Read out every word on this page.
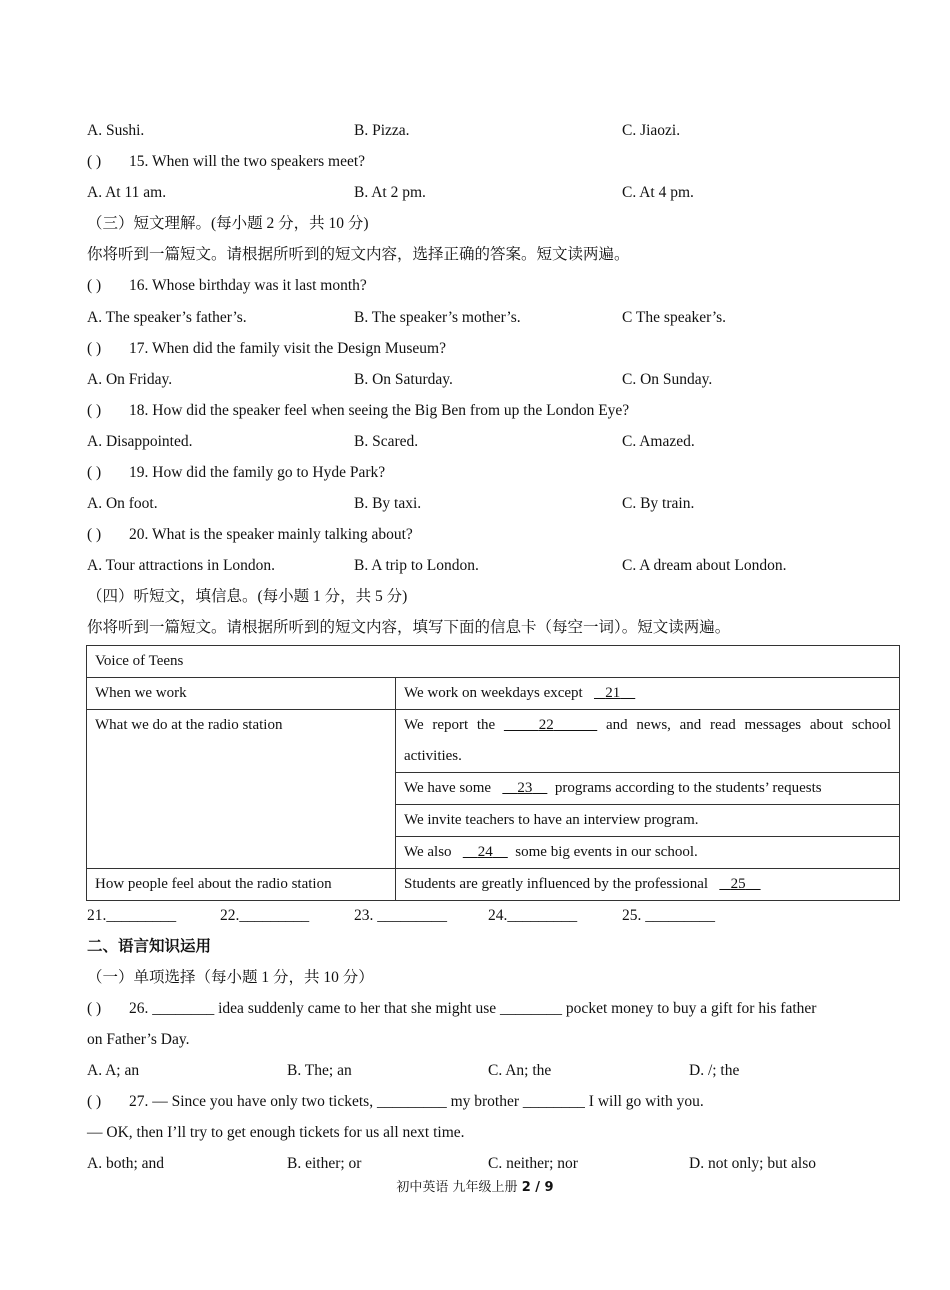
A. Sushi.	B. Pizza.	C. Jiaozi.
( ) 15. When will the two speakers meet?
A. At 11 am.	B. At 2 pm.	C. At 4 pm.
（三）短文理解。(每小题 2 分，共 10 分)
你将听到一篇短文。请根据所听到的短文内容，选择正确的答案。短文读两遍。
( ) 16. Whose birthday was it last month?
A. The speaker’s father’s.	B. The speaker’s mother’s.	C The speaker’s.
( ) 17. When did the family visit the Design Museum?
A. On Friday.	B. On Saturday.	C. On Sunday.
( ) 18. How did the speaker feel when seeing the Big Ben from up the London Eye?
A. Disappointed.	B. Scared.	C. Amazed.
( ) 19. How did the family go to Hyde Park?
A. On foot.	B. By taxi.	C. By train.
( ) 20. What is the speaker mainly talking about?
A. Tour attractions in London.	B. A trip to London.	C. A dream about London.
（四）听短文，填信息。(每小题 1 分，共 5 分)
你将听到一篇短文。请根据所听到的短文内容，填写下面的信息卡（每空一词）。短文读两遍。
Voice of Teens	
When we work	We work on weekdays except 21
What we do at the radio station	We report the 22 and news, and read messages about school
activities.
	We have some 23 programs according to the students’ requests
	We invite teachers to have an interview program.
	We also 24 some big events in our school.
How people feel about the radio station	Students are greatly influenced by the professional 25
21._________	22._________	23. _________	24._________	25. _________
二、语言知识运用
（一）单项选择（每小题 1 分，共 10 分）
( ) 26. ________ idea suddenly came to her that she might use ________ pocket money to buy a gift for his father
on Father’s Day.
A. A; an	B. The; an	C. An; the	D. /; the
( ) 27. — Since you have only two tickets, _________ my brother ________ I will go with you.
— OK, then I’ll try to get enough tickets for us all next time.
A. both; and	B. either; or	C. neither; nor	D. not only; but also
初中英语 九年级上册 2 / 9
